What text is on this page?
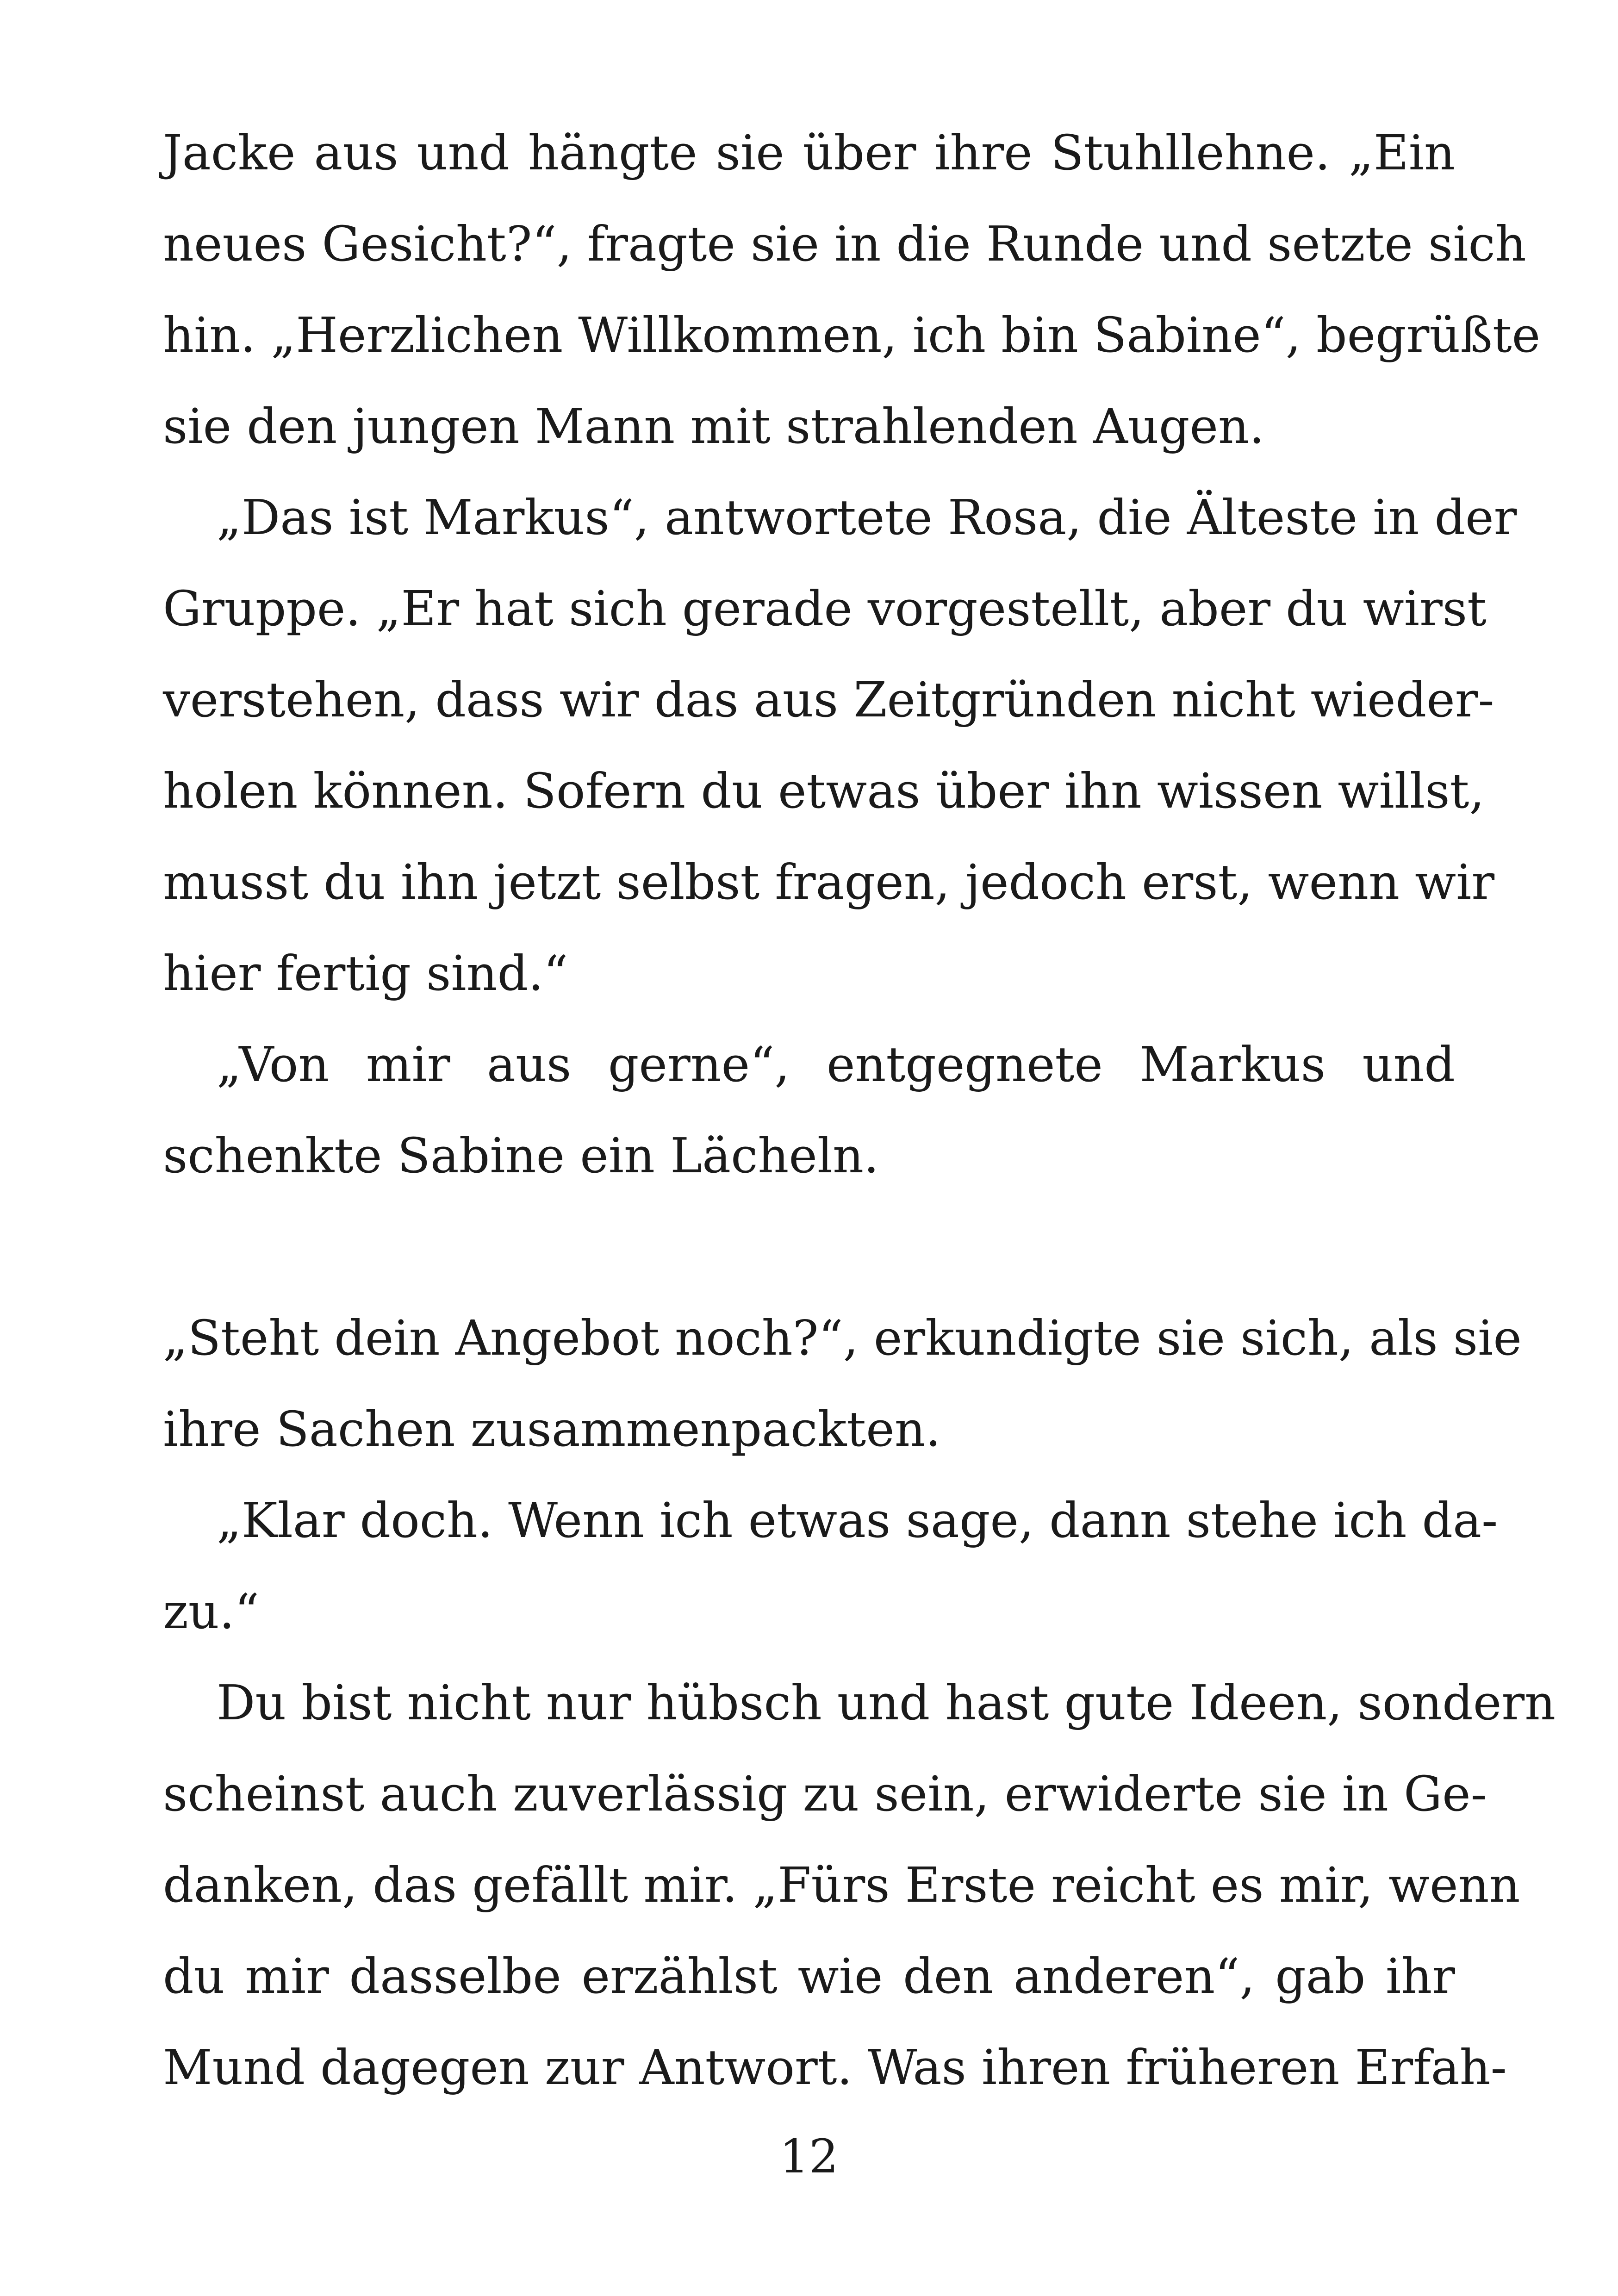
Jacke aus und hängte sie über ihre Stuhllehne. „Ein
neues Gesicht?“, fragte sie in die Runde und setzte sich
hin. „Herzlichen Willkommen, ich bin Sabine“, begrüßte
sie den jungen Mann mit strahlenden Augen.
„Das ist Markus“, antwortete Rosa, die Älteste in der
Gruppe. „Er hat sich gerade vorgestellt, aber du wirst
verstehen, dass wir das aus Zeitgründen nicht wieder-
holen können. Sofern du etwas über ihn wissen willst,
musst du ihn jetzt selbst fragen, jedoch erst, wenn wir
hier fertig sind.“
„Von mir aus gerne“, entgegnete Markus und
schenkte Sabine ein Lächeln.
„Steht dein Angebot noch?“, erkundigte sie sich, als sie
ihre Sachen zusammenpackten.
„Klar doch. Wenn ich etwas sage, dann stehe ich da-
zu.“
Du bist nicht nur hübsch und hast gute Ideen, sondern
scheinst auch zuverlässig zu sein, erwiderte sie in Ge-
danken, das gefällt mir. „Fürs Erste reicht es mir, wenn
du mir dasselbe erzählst wie den anderen“, gab ihr
Mund dagegen zur Antwort. Was ihren früheren Erfah-
12
